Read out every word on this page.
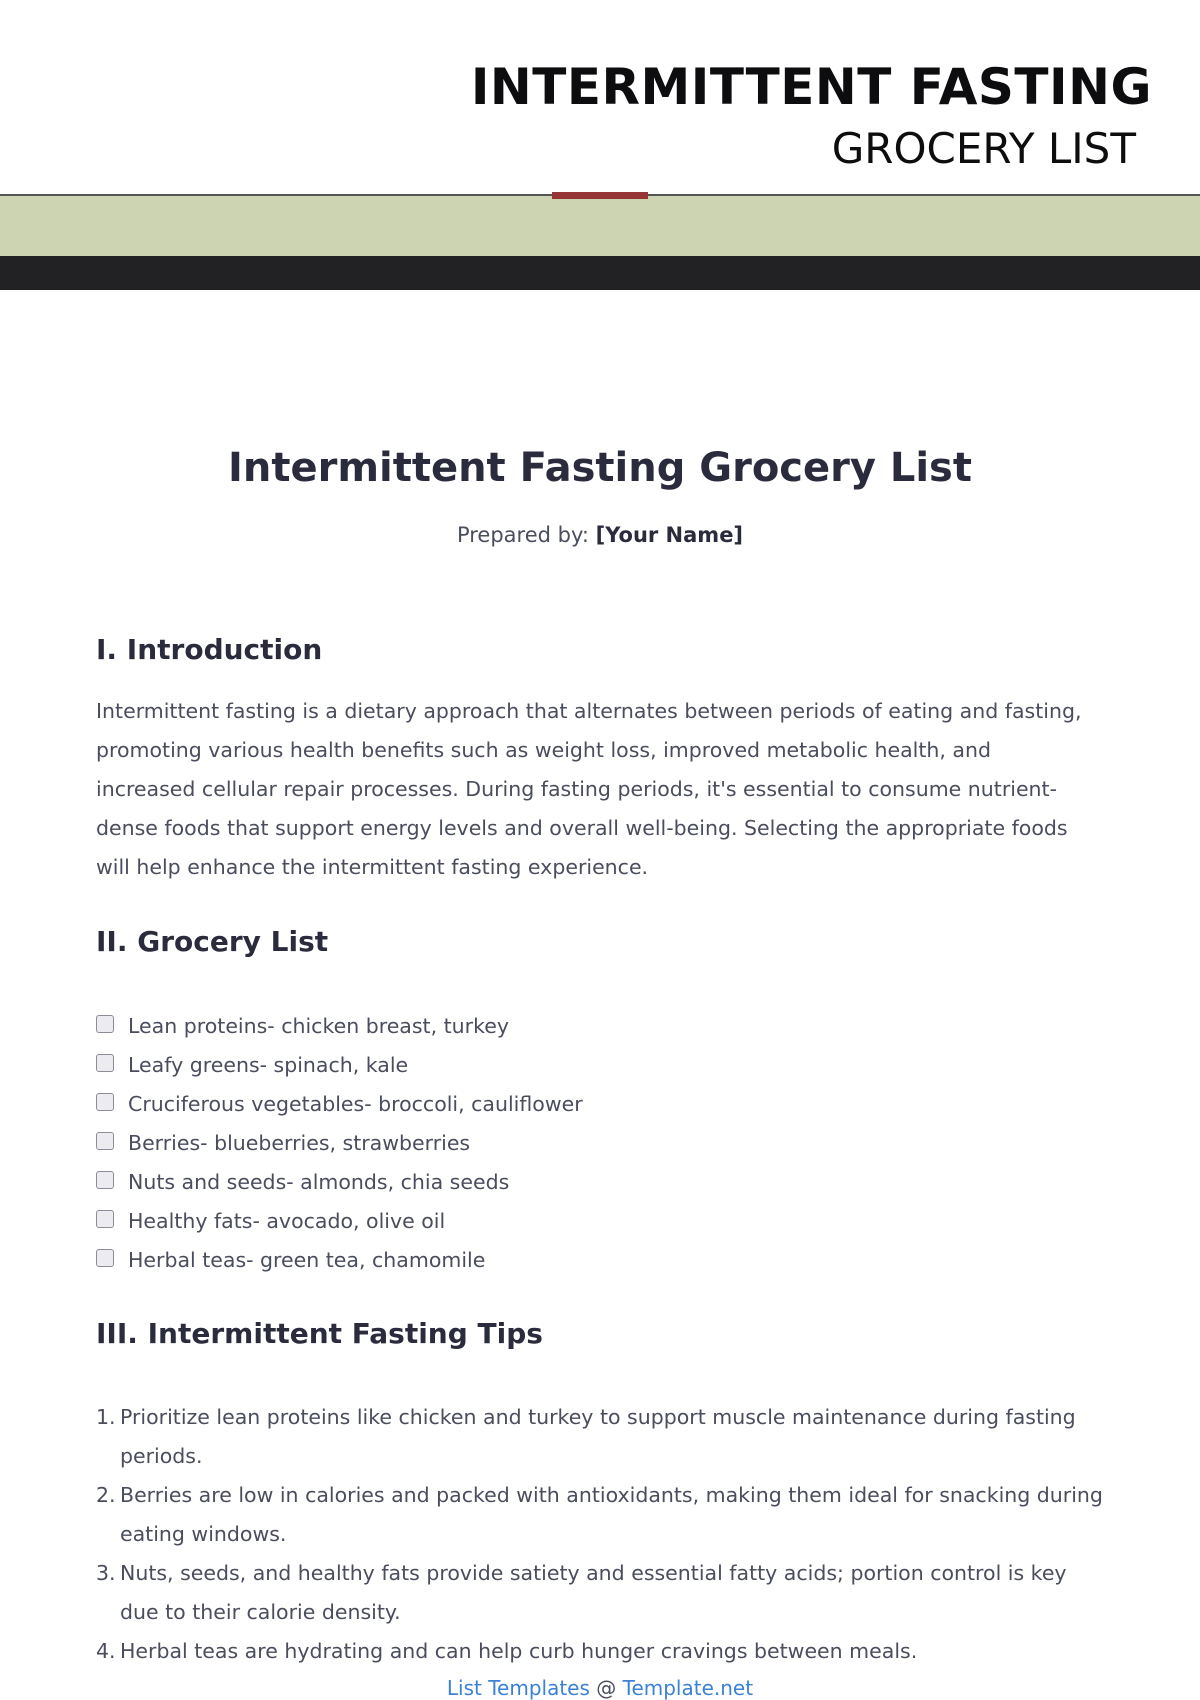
INTERMITTENT FASTING
GROCERY LIST
Intermittent Fasting Grocery List
Prepared by: [Your Name]
I. Introduction

Intermittent fasting is a dietary approach that alternates between periods of eating and fasting, promoting various health benefits such as weight loss, improved metabolic health, and increased cellular repair processes. During fasting periods, it's essential to consume nutrient-dense foods that support energy levels and overall well-being. Selecting the appropriate foods will help enhance the intermittent fasting experience.

II. Grocery List
Lean proteins- chicken breast, turkey
Leafy greens- spinach, kale
Cruciferous vegetables- broccoli, cauliflower
Berries- blueberries, strawberries
Nuts and seeds- almonds, chia seeds
Healthy fats- avocado, olive oil
Herbal teas- green tea, chamomile
III. Intermittent Fasting Tips
1. Prioritize lean proteins like chicken and turkey to support muscle maintenance during fasting periods.
2. Berries are low in calories and packed with antioxidants, making them ideal for snacking during eating windows.
3. Nuts, seeds, and healthy fats provide satiety and essential fatty acids; portion control is key due to their calorie density.
4. Herbal teas are hydrating and can help curb hunger cravings between meals.
List Templates @ Template.net
